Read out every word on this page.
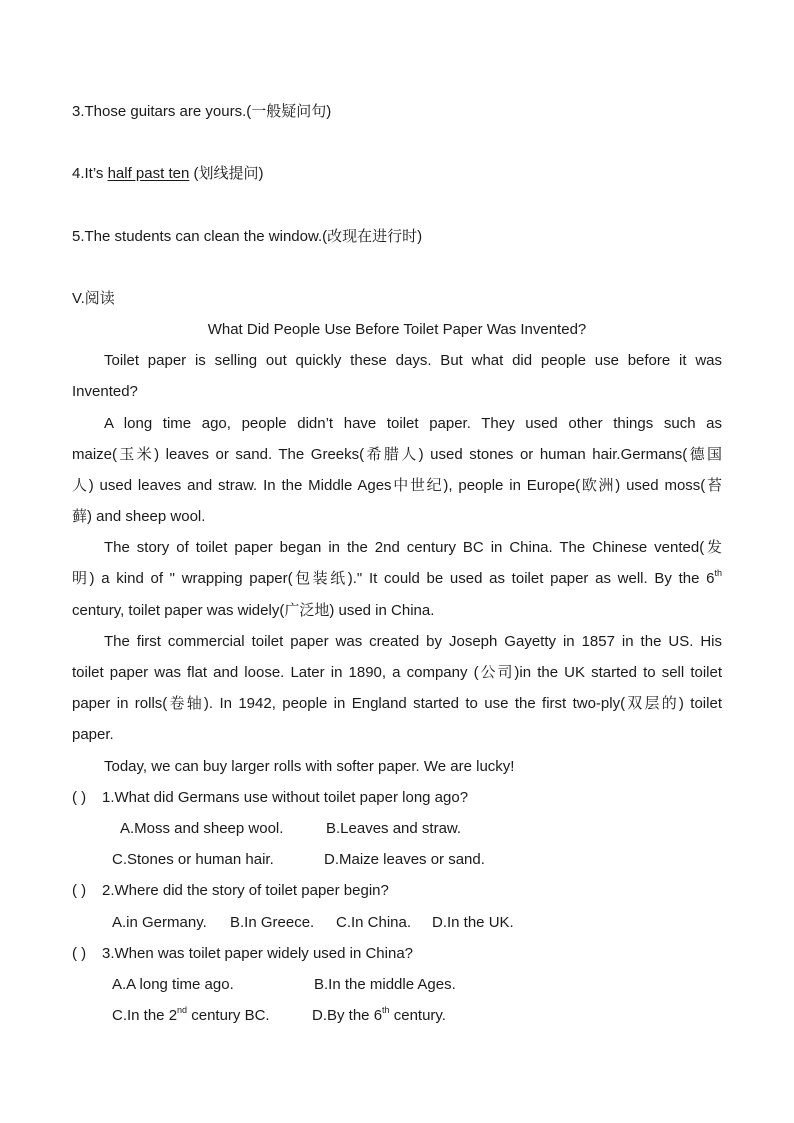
3.Those guitars are yours.(一般疑问句)
4.It’s half past ten (划线提问)
5.The students can clean the window.(改现在进行时)
V.阅读
What Did People Use Before Toilet Paper Was Invented?
Toilet paper is selling out quickly these days. But what did people use before it was
Invented?
A long time ago, people didn’t have toilet paper. They used other things such as
maize(玉米) leaves or sand. The Greeks(希腊人) used stones or human hair.Germans(德国
人) used leaves and straw. In the Middle Ages中世纪), people in Europe(欧洲) used moss(苔
藓) and sheep wool.
The story of toilet paper began in the 2nd century BC in China. The Chinese vented(发
明) a kind of " wrapping paper(包装纸)." It could be used as toilet paper as well. By the 6th
century, toilet paper was widely(广泛地) used in China.
The first commercial toilet paper was created by Joseph Gayetty in 1857 in the US. His
toilet paper was flat and loose. Later in 1890, a company (公司)in the UK started to sell toilet
paper in rolls(卷轴). In 1942, people in England started to use the first two-ply(双层的) toilet
paper.
Today, we can buy larger rolls with softer paper. We are lucky!
( ) 1.What did Germans use without toilet paper long ago?
A.Moss and sheep wool.	B.Leaves and straw.
C.Stones or human hair.	D.Maize leaves or sand.
( ) 2.Where did the story of toilet paper begin?
A.in Germany. B.In Greece. C.In China. D.In the UK.
( ) 3.When was toilet paper widely used in China?
A.A long time ago.	B.In the middle Ages.
C.In the 2nd century BC.	D.By the 6th century.
